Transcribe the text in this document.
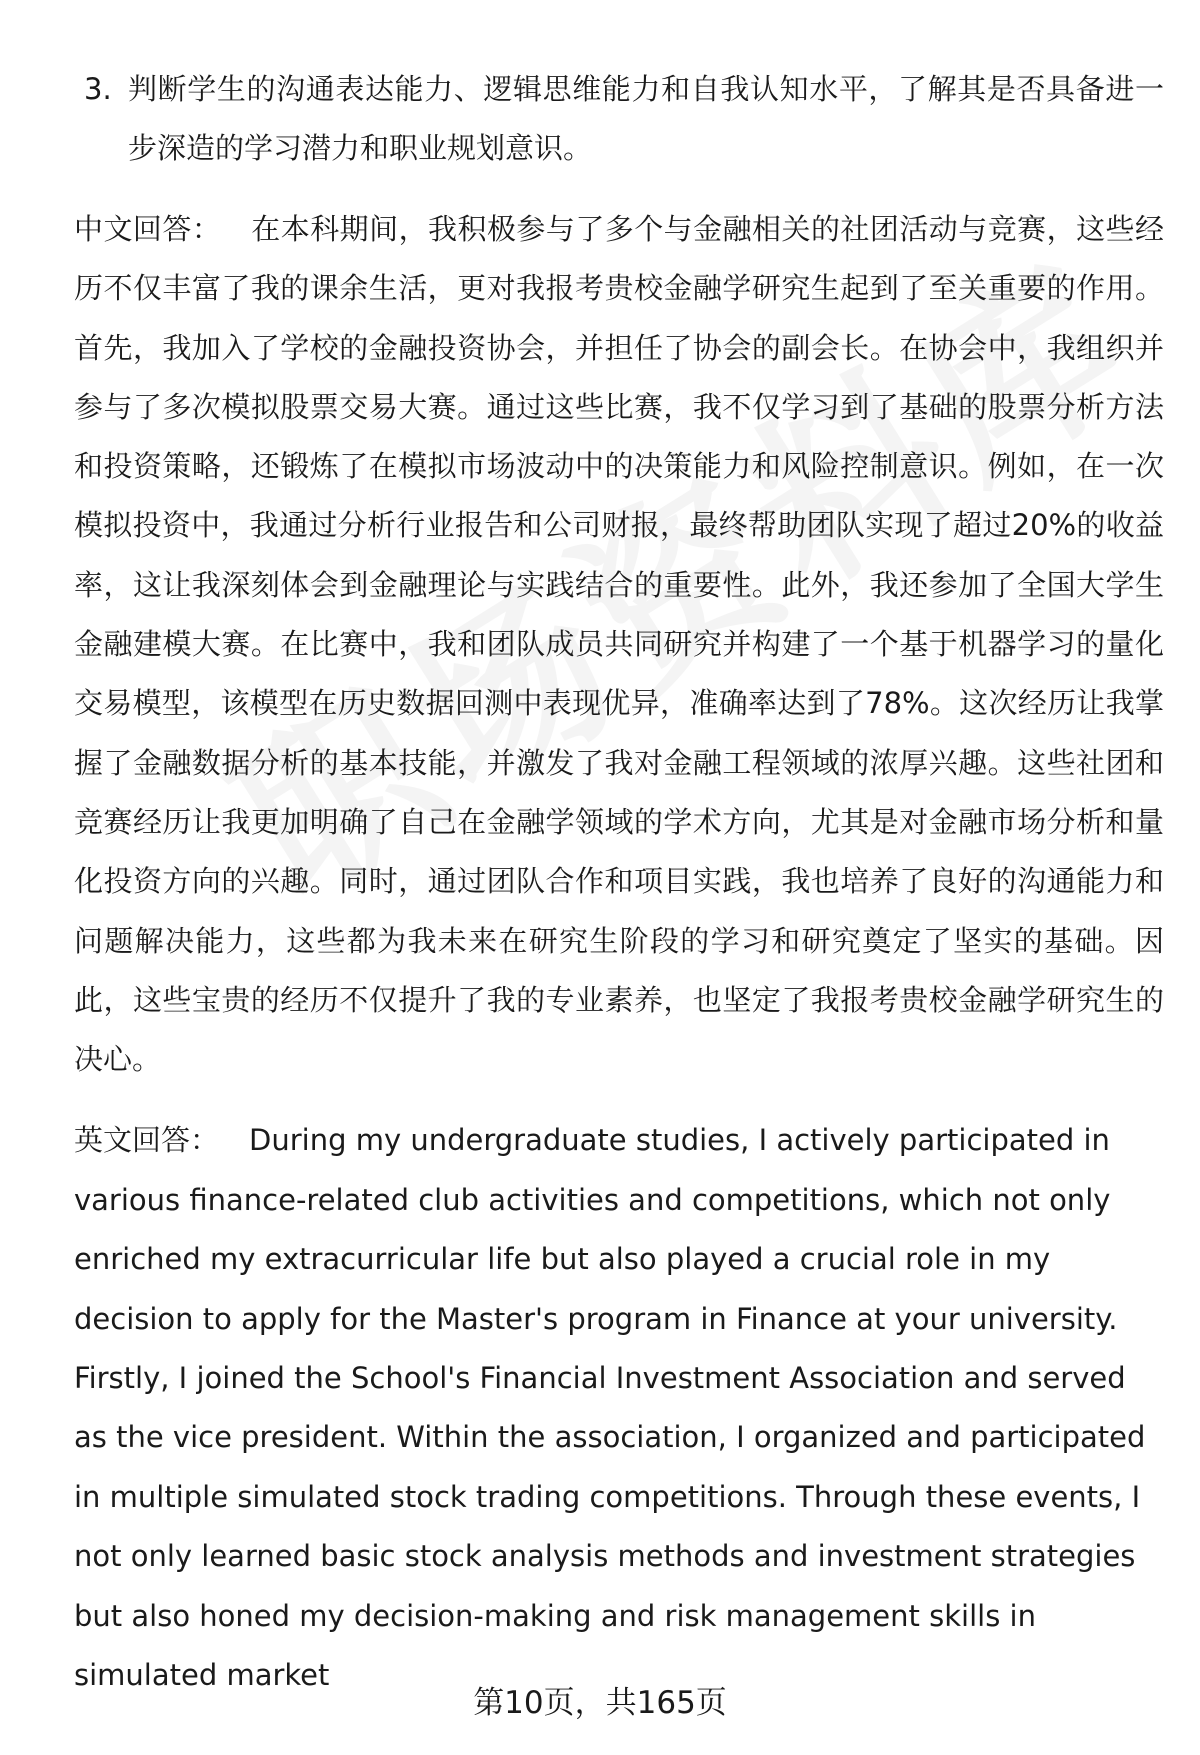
3. 判断学生的沟通表达能力、逻辑思维能力和自我认知水平，了解其是否具备进一步深造的学习潜力和职业规划意识。

中文回答： 在本科期间，我积极参与了多个与金融相关的社团活动与竞赛，这些经历不仅丰富了我的课余生活，更对我报考贵校金融学研究生起到了至关重要的作用。首先，我加入了学校的金融投资协会，并担任了协会的副会长。在协会中，我组织并参与了多次模拟股票交易大赛。通过这些比赛，我不仅学习到了基础的股票分析方法和投资策略，还锻炼了在模拟市场波动中的决策能力和风险控制意识。例如，在一次模拟投资中，我通过分析行业报告和公司财报，最终帮助团队实现了超过20%的收益率，这让我深刻体会到金融理论与实践结合的重要性。此外，我还参加了全国大学生金融建模大赛。在比赛中，我和团队成员共同研究并构建了一个基于机器学习的量化交易模型，该模型在历史数据回测中表现优异，准确率达到了78%。这次经历让我掌握了金融数据分析的基本技能，并激发了我对金融工程领域的浓厚兴趣。这些社团和竞赛经历让我更加明确了自己在金融学领域的学术方向，尤其是对金融市场分析和量化投资方向的兴趣。同时，通过团队合作和项目实践，我也培养了良好的沟通能力和问题解决能力，这些都为我未来在研究生阶段的学习和研究奠定了坚实的基础。因此，这些宝贵的经历不仅提升了我的专业素养，也坚定了我报考贵校金融学研究生的决心。

英文回答： During my undergraduate studies, I actively participated in various finance-related club activities and competitions, which not only enriched my extracurricular life but also played a crucial role in my decision to apply for the Master's program in Finance at your university. Firstly, I joined the School's Financial Investment Association and served as the vice president. Within the association, I organized and participated in multiple simulated stock trading competitions. Through these events, I not only learned basic stock analysis methods and investment strategies but also honed my decision-making and risk management skills in simulated market

第10页，共165页
